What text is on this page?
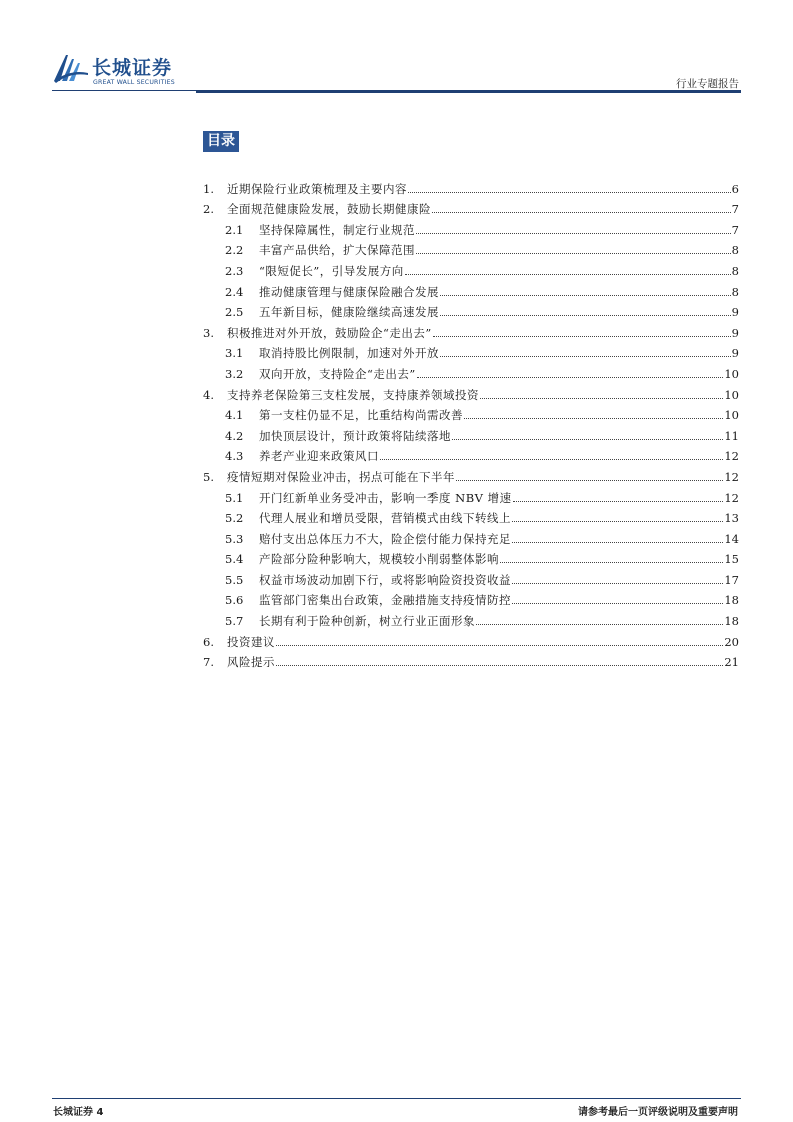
长城证券
GREAT WALL SECURITIES	行业专题报告
目录
1.	近期保险行业政策梳理及主要内容	6
2.	全面规范健康险发展，鼓励长期健康险	7
2.1	坚持保障属性，制定行业规范	7
2.2	丰富产品供给，扩大保障范围	8
2.3	“限短促长”，引导发展方向	8
2.4	推动健康管理与健康保险融合发展	8
2.5	五年新目标，健康险继续高速发展	9
3.	积极推进对外开放，鼓励险企“走出去”	9
3.1	取消持股比例限制，加速对外开放	9
3.2	双向开放，支持险企“走出去”	10
4.	支持养老保险第三支柱发展，支持康养领域投资	10
4.1	第一支柱仍显不足，比重结构尚需改善	10
4.2	加快顶层设计，预计政策将陆续落地	11
4.3	养老产业迎来政策风口	12
5.	疫情短期对保险业冲击，拐点可能在下半年	12
5.1	开门红新单业务受冲击，影响一季度 NBV 增速	12
5.2	代理人展业和增员受限，营销模式由线下转线上	13
5.3	赔付支出总体压力不大，险企偿付能力保持充足	14
5.4	产险部分险种影响大，规模较小削弱整体影响	15
5.5	权益市场波动加剧下行，或将影响险资投资收益	17
5.6	监管部门密集出台政策，金融措施支持疫情防控	18
5.7	长期有利于险种创新，树立行业正面形象	18
6.	投资建议	20
7.	风险提示	21
长城证券 4	请参考最后一页评级说明及重要声明
